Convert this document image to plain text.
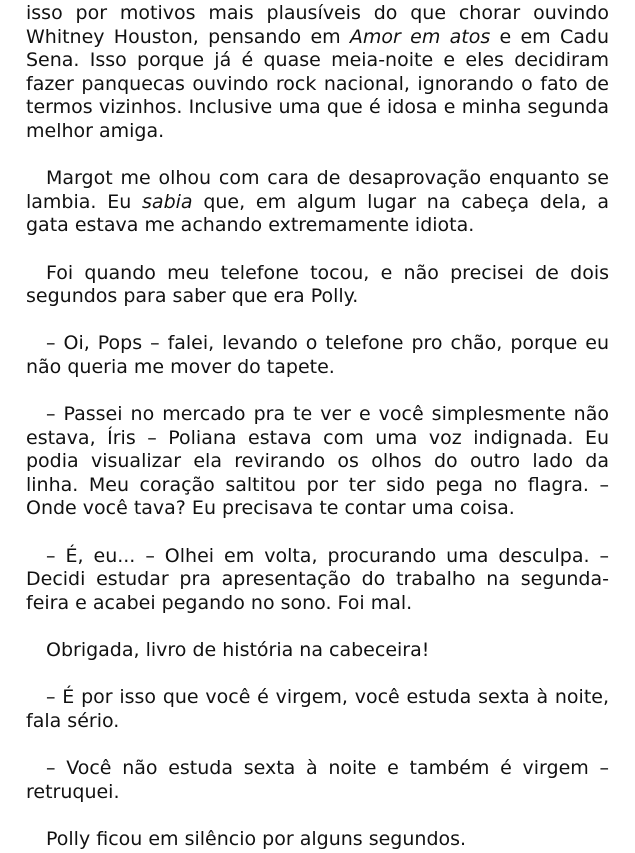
isso por motivos mais plausíveis do que chorar ouvindo Whitney Houston, pensando em Amor em atos e em Cadu Sena. Isso porque já é quase meia-noite e eles decidiram fazer panquecas ouvindo rock nacional, ignorando o fato de termos vizinhos. Inclusive uma que é idosa e minha segunda melhor amiga.

Margot me olhou com cara de desaprovação enquanto se lambia. Eu sabia que, em algum lugar na cabeça dela, a gata estava me achando extremamente idiota.

Foi quando meu telefone tocou, e não precisei de dois segundos para saber que era Polly.

– Oi, Pops – falei, levando o telefone pro chão, porque eu não queria me mover do tapete.

– Passei no mercado pra te ver e você simplesmente não estava, Íris – Poliana estava com uma voz indignada. Eu podia visualizar ela revirando os olhos do outro lado da linha. Meu coração saltitou por ter sido pega no flagra. – Onde você tava? Eu precisava te contar uma coisa.

– É, eu... – Olhei em volta, procurando uma desculpa. – Decidi estudar pra apresentação do trabalho na segunda-feira e acabei pegando no sono. Foi mal.

Obrigada, livro de história na cabeceira!

– É por isso que você é virgem, você estuda sexta à noite, fala sério.

– Você não estuda sexta à noite e também é virgem – retruquei.

Polly ficou em silêncio por alguns segundos.
